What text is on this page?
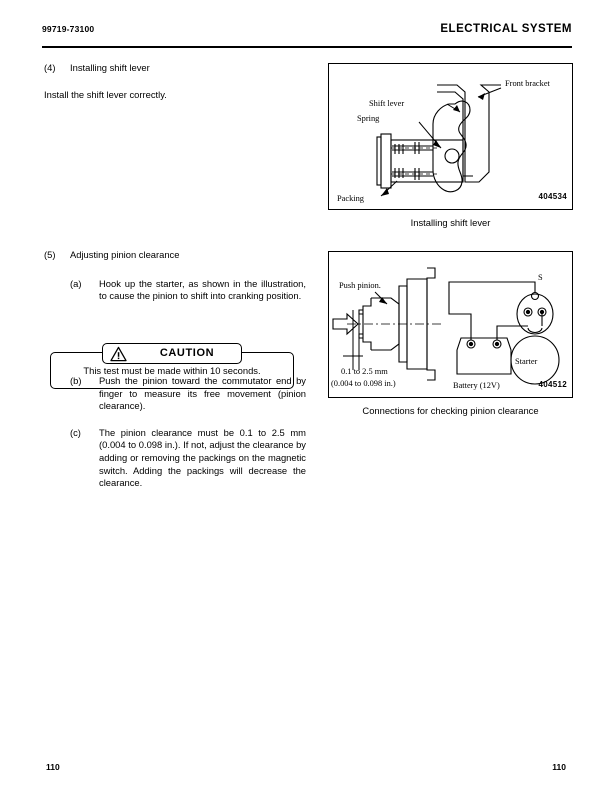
99719-73100	ELECTRICAL SYSTEM
(4) Installing shift lever
Install the shift lever correctly.
(5) Adjusting pinion clearance
(a) Hook up the starter, as shown in the illustration, to cause the pinion to shift into cranking position.
(b) Push the pinion toward the commutator end by finger to measure its free movement (pinion clearance).
(c) The pinion clearance must be 0.1 to 2.5 mm (0.004 to 0.098 in.). If not, adjust the clearance by adding or removing the packings on the magnetic switch. Adding the packings will decrease the clearance.
This test must be made within 10 seconds.
CAUTION
Front bracket
Shift lever
Spring
Packing	404534
Installing shift lever
Push pinion.
0.1 to 2.5 mm
(0.004 to 0.098 in.)	Battery (12V)
Starter
S
404512
Connections for checking pinion clearance
110	110
